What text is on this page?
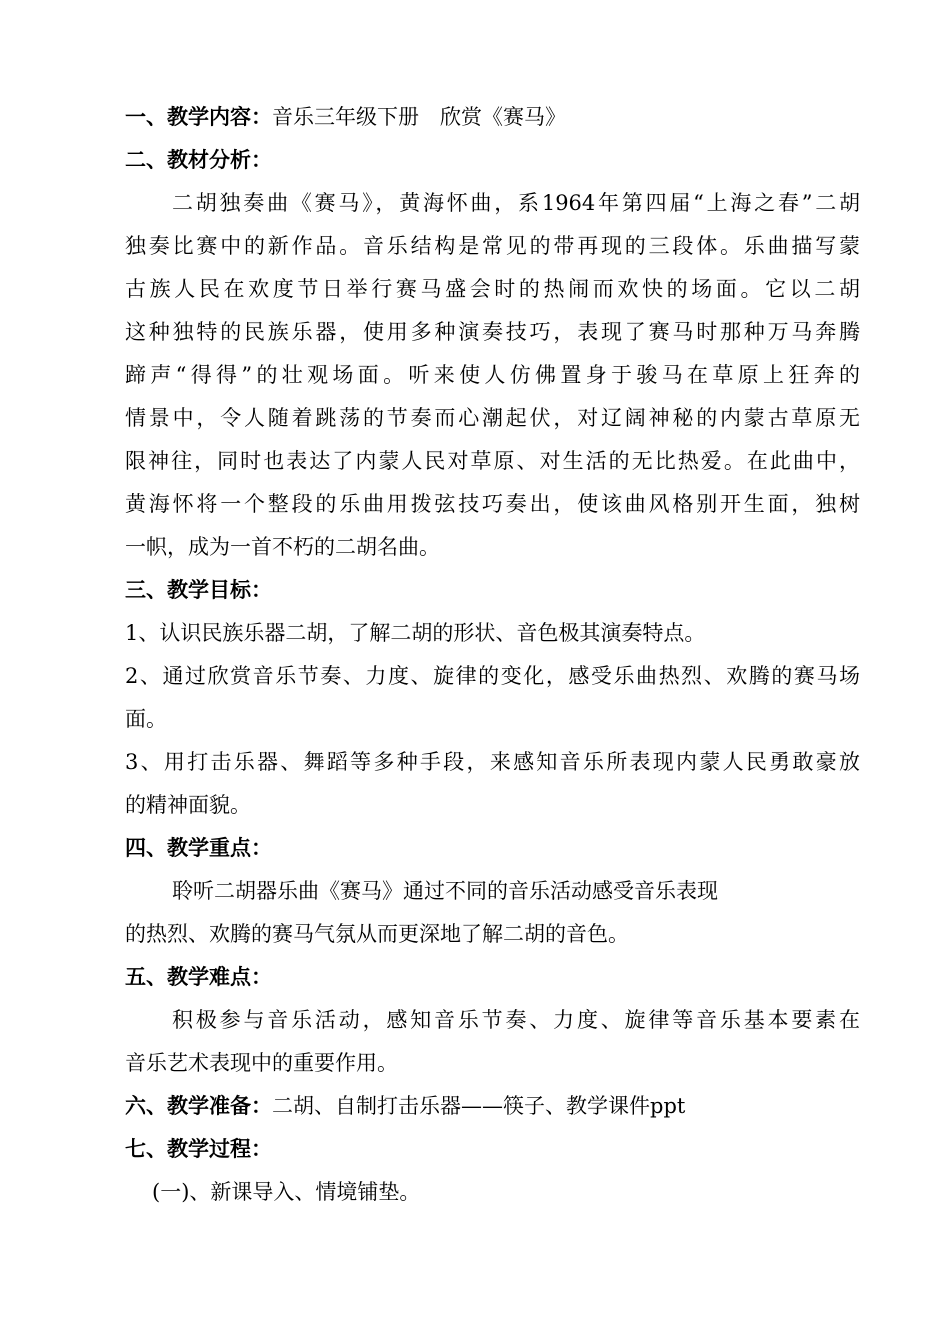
一、教学内容：音乐三年级下册　欣赏《赛马》
二、教材分析：
二胡独奏曲《赛马》，黄海怀曲，系1964年第四届“上海之春”二胡
独奏比赛中的新作品。音乐结构是常见的带再现的三段体。乐曲描写蒙
古族人民在欢度节日举行赛马盛会时的热闹而欢快的场面。它以二胡
这种独特的民族乐器，使用多种演奏技巧，表现了赛马时那种万马奔腾
蹄声“得得”的壮观场面。听来使人仿佛置身于骏马在草原上狂奔的
情景中，令人随着跳荡的节奏而心潮起伏，对辽阔神秘的内蒙古草原无
限神往，同时也表达了内蒙人民对草原、对生活的无比热爱。在此曲中，
黄海怀将一个整段的乐曲用拨弦技巧奏出，使该曲风格别开生面，独树
一帜，成为一首不朽的二胡名曲。
三、教学目标：
1、认识民族乐器二胡，了解二胡的形状、音色极其演奏特点。
2、通过欣赏音乐节奏、力度、旋律的变化，感受乐曲热烈、欢腾的赛马场
面。
3、用打击乐器、舞蹈等多种手段，来感知音乐所表现内蒙人民勇敢豪放
的精神面貌。
四、教学重点：
聆听二胡器乐曲《赛马》通过不同的音乐活动感受音乐表现
的热烈、欢腾的赛马气氛从而更深地了解二胡的音色。
五、教学难点：
积极参与音乐活动，感知音乐节奏、力度、旋律等音乐基本要素在
音乐艺术表现中的重要作用。
六、教学准备：二胡、自制打击乐器——筷子、教学课件ppt
七、教学过程：
(一)、新课导入、情境铺垫。
